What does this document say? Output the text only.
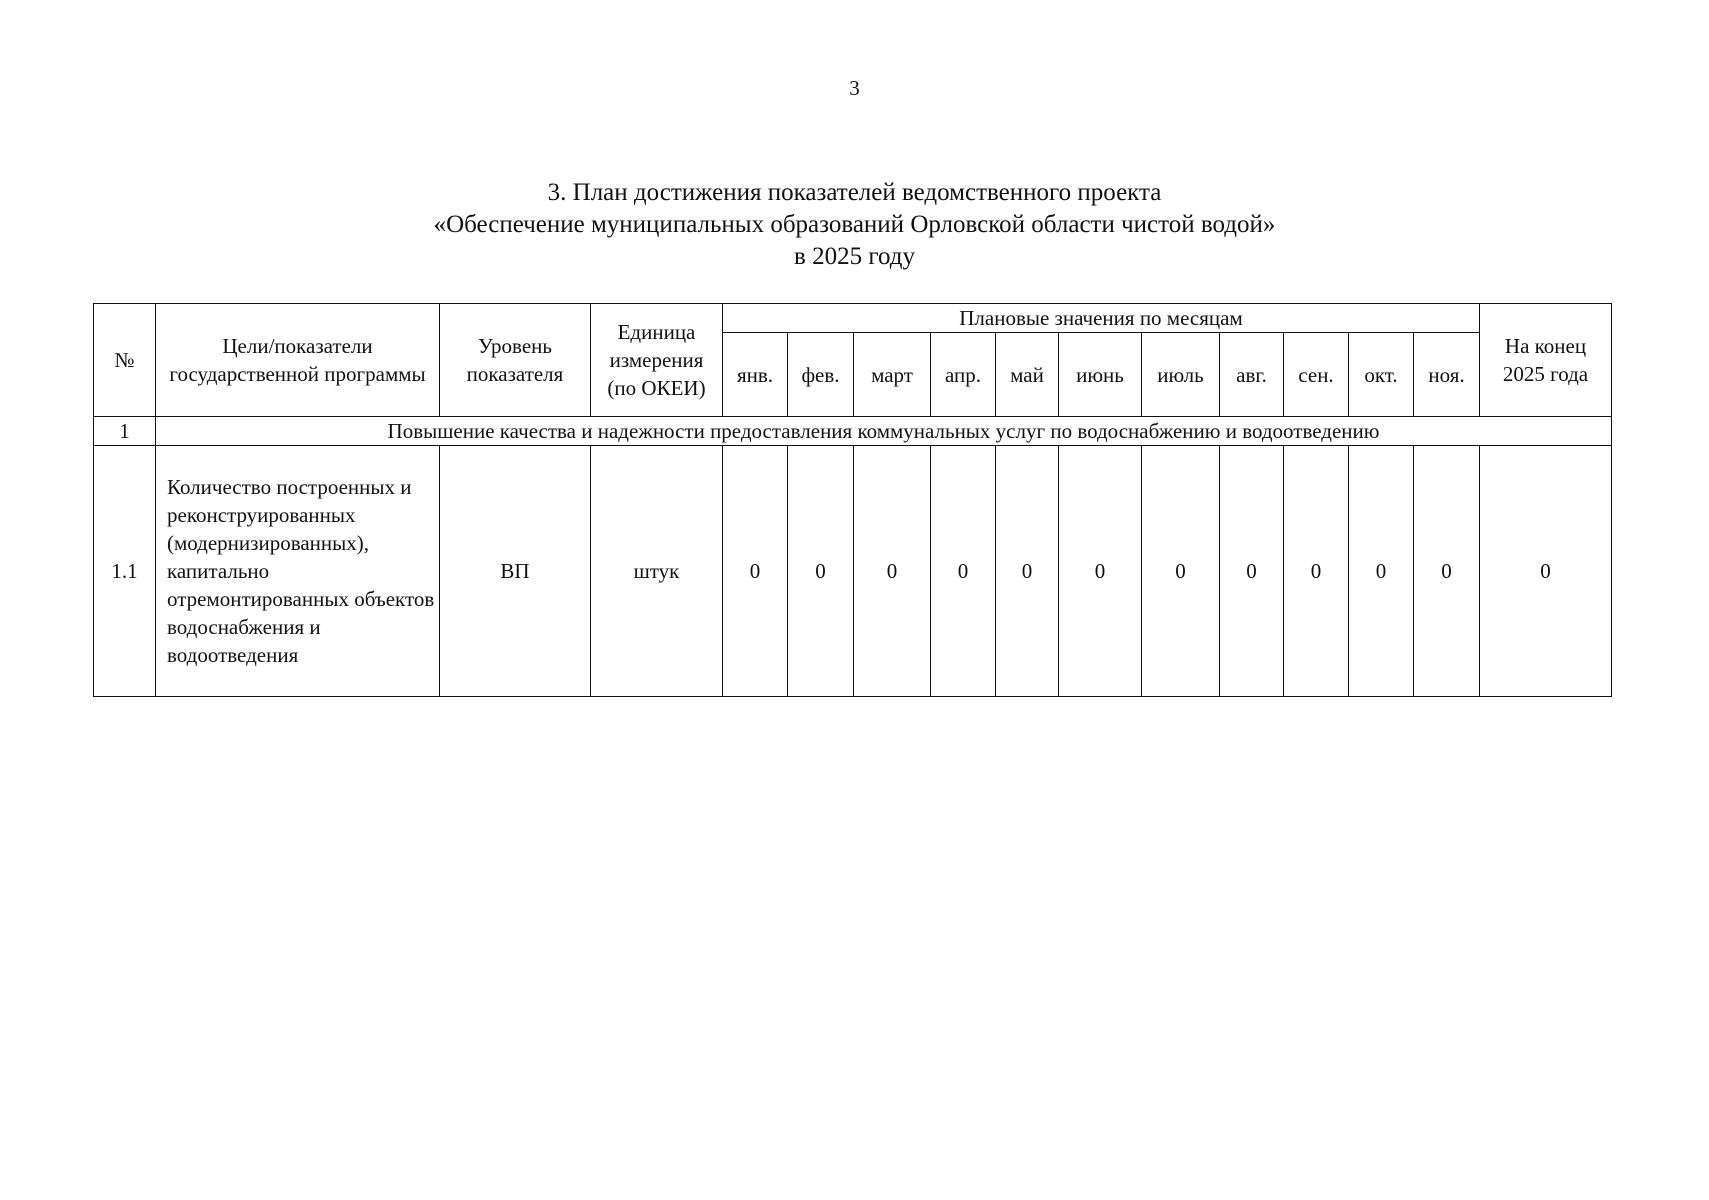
3
3. План достижения показателей ведомственного проекта
«Обеспечение муниципальных образований Орловской области чистой водой»
в 2025 году
№	Цели/показатели государственной программы	Уровень показателя	Единица измерения (по ОКЕИ)	Плановые значения по месяцам											На конец 2025 года
				янв.	фев.	март	апр.	май	июнь	июль	авг.	сен.	окт.	ноя.	
1	Повышение качества и надежности предоставления коммунальных услуг по водоснабжению и водоотведению														
1.1	Количество построенных и реконструированных (модернизированных), капитально отремонтированных объектов водоснабжения и водоотведения	ВП	штук	0	0	0	0	0	0	0	0	0	0	0	0
